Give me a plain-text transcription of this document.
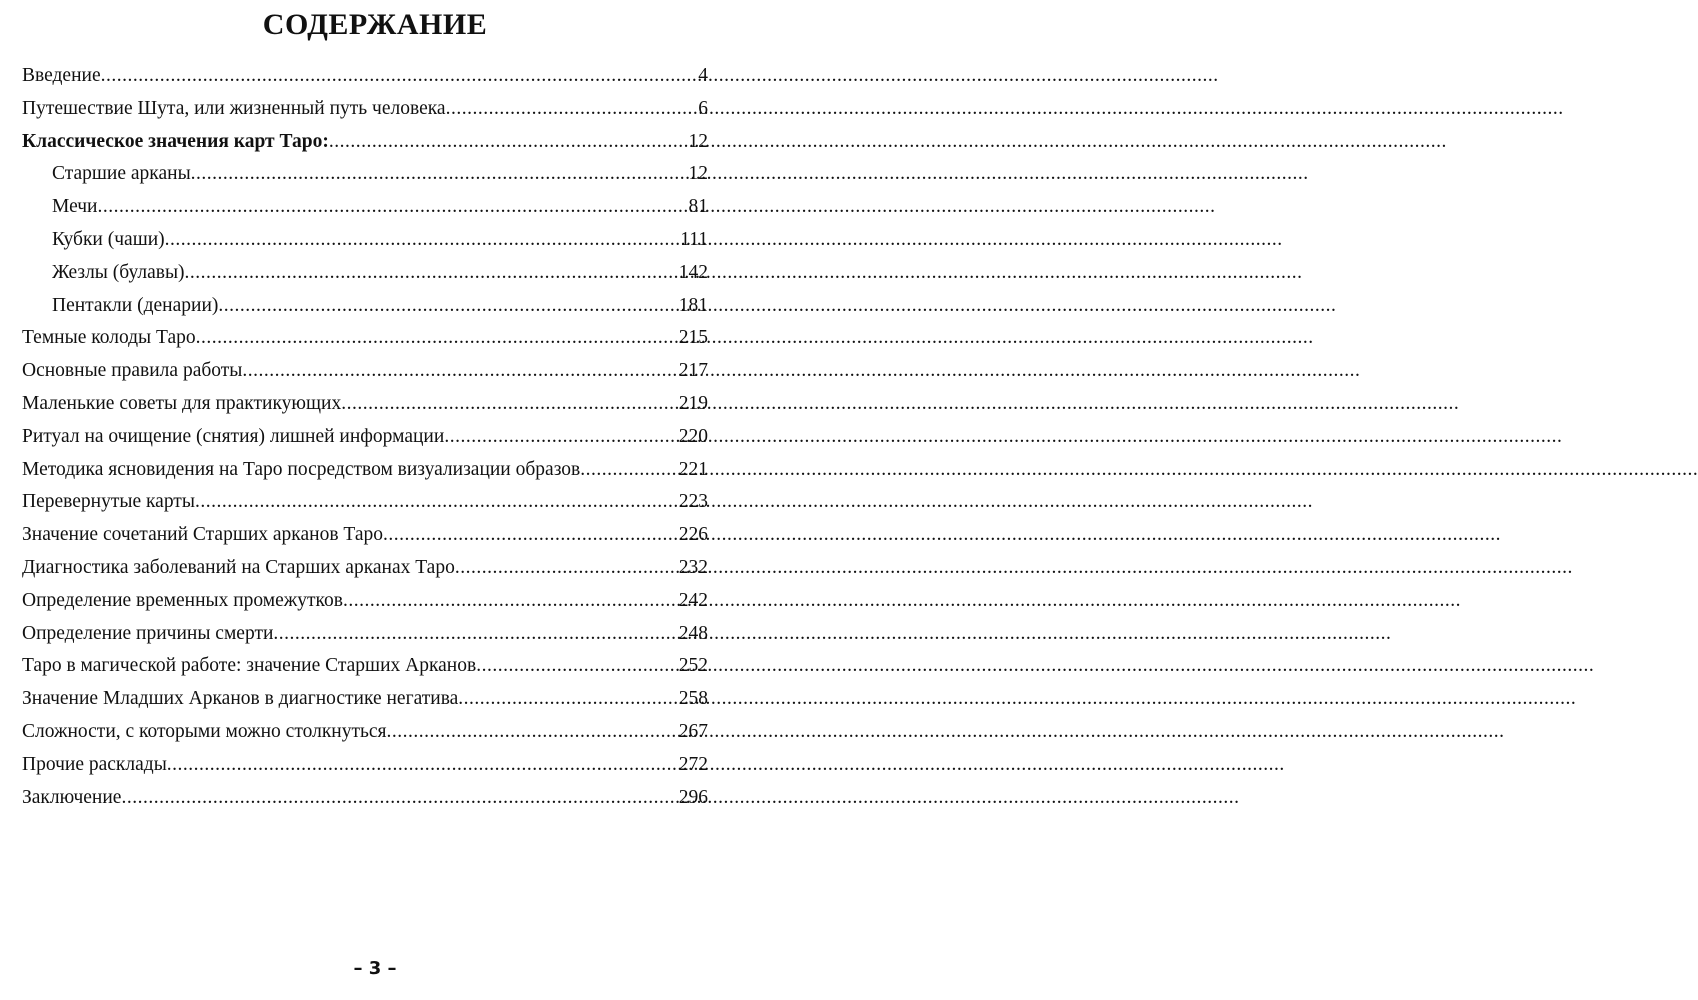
СОДЕРЖАНИЕ
Введение .....	4
Путешествие Шута, или жизненный путь человека .....	6
Классическое значения карт Таро: .....	12
Старшие арканы .....	12
Мечи .....	81
Кубки (чаши) .....	111
Жезлы (булавы) .....	142
Пентакли (денарии) .....	181
Темные колоды Таро .....	215
Основные правила работы .....	217
Маленькие советы для практикующих .....	219
Ритуал на очищение (снятия) лишней информации .....	220
Методика ясновидения на Таро посредством визуализации образов .....	221
Перевернутые карты .....	223
Значение сочетаний Старших арканов Таро .....	226
Диагностика заболеваний на Старших арканах Таро .....	232
Определение временных промежутков .....	242
Определение причины смерти .....	248
Таро в магической работе: значение Старших Арканов .....	252
Значение Младших Арканов в диагностике негатива .....	258
Сложности, с которыми можно столкнуться .....	267
Прочие расклады .....	272
Заключение .....	296
– 3 –
